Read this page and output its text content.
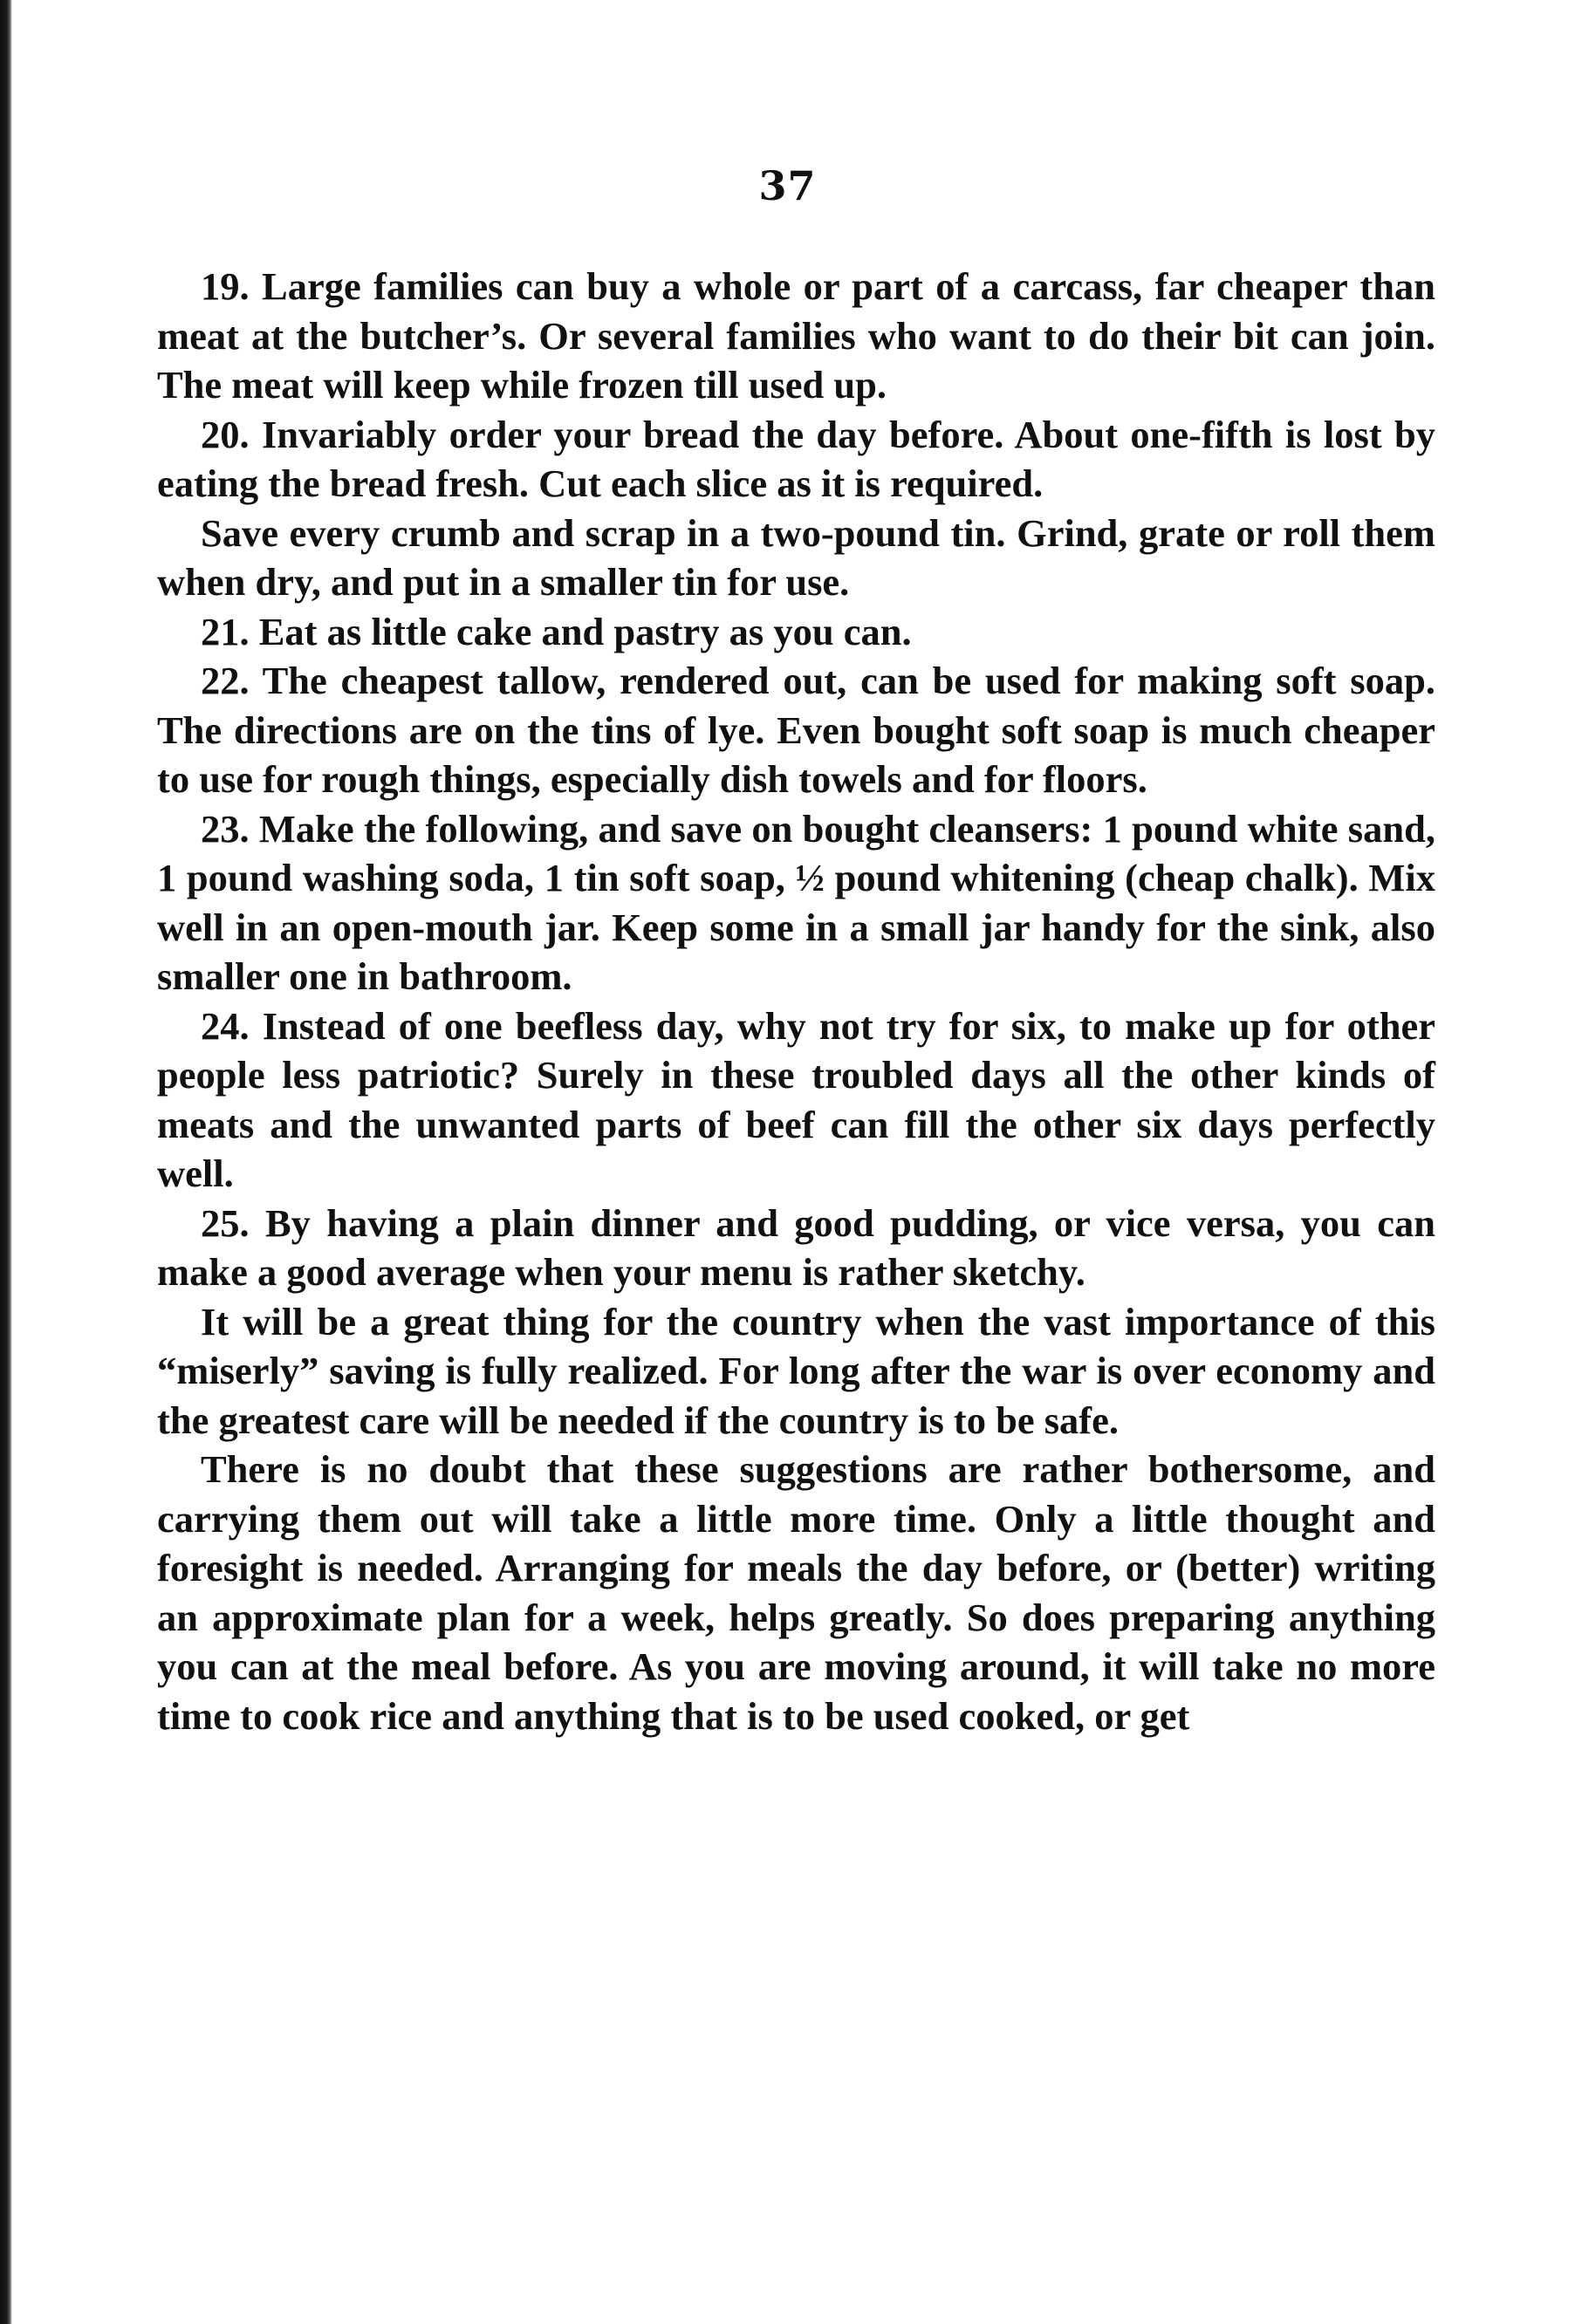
37

19. Large families can buy a whole or part of a carcass, far cheaper than meat at the butcher’s. Or several families who want to do their bit can join. The meat will keep while frozen till used up.

20. Invariably order your bread the day before. About one-fifth is lost by eating the bread fresh. Cut each slice as it is required.

Save every crumb and scrap in a two-pound tin. Grind, grate or roll them when dry, and put in a smaller tin for use.

21. Eat as little cake and pastry as you can.

22. The cheapest tallow, rendered out, can be used for making soft soap. The directions are on the tins of lye. Even bought soft soap is much cheaper to use for rough things, especially dish towels and for floors.

23. Make the following, and save on bought cleansers: 1 pound white sand, 1 pound washing soda, 1 tin soft soap, ½ pound whitening (cheap chalk). Mix well in an open-mouth jar. Keep some in a small jar handy for the sink, also smaller one in bathroom.

24. Instead of one beefless day, why not try for six, to make up for other people less patriotic? Surely in these troubled days all the other kinds of meats and the unwanted parts of beef can fill the other six days perfectly well.

25. By having a plain dinner and good pudding, or vice versa, you can make a good average when your menu is rather sketchy.

It will be a great thing for the country when the vast importance of this “miserly” saving is fully realized. For long after the war is over economy and the greatest care will be needed if the country is to be safe.

There is no doubt that these suggestions are rather bothersome, and carrying them out will take a little more time. Only a little thought and foresight is needed. Arranging for meals the day before, or (better) writing an approximate plan for a week, helps greatly. So does preparing anything you can at the meal before. As you are moving around, it will take no more time to cook rice and anything that is to be used cooked, or get
